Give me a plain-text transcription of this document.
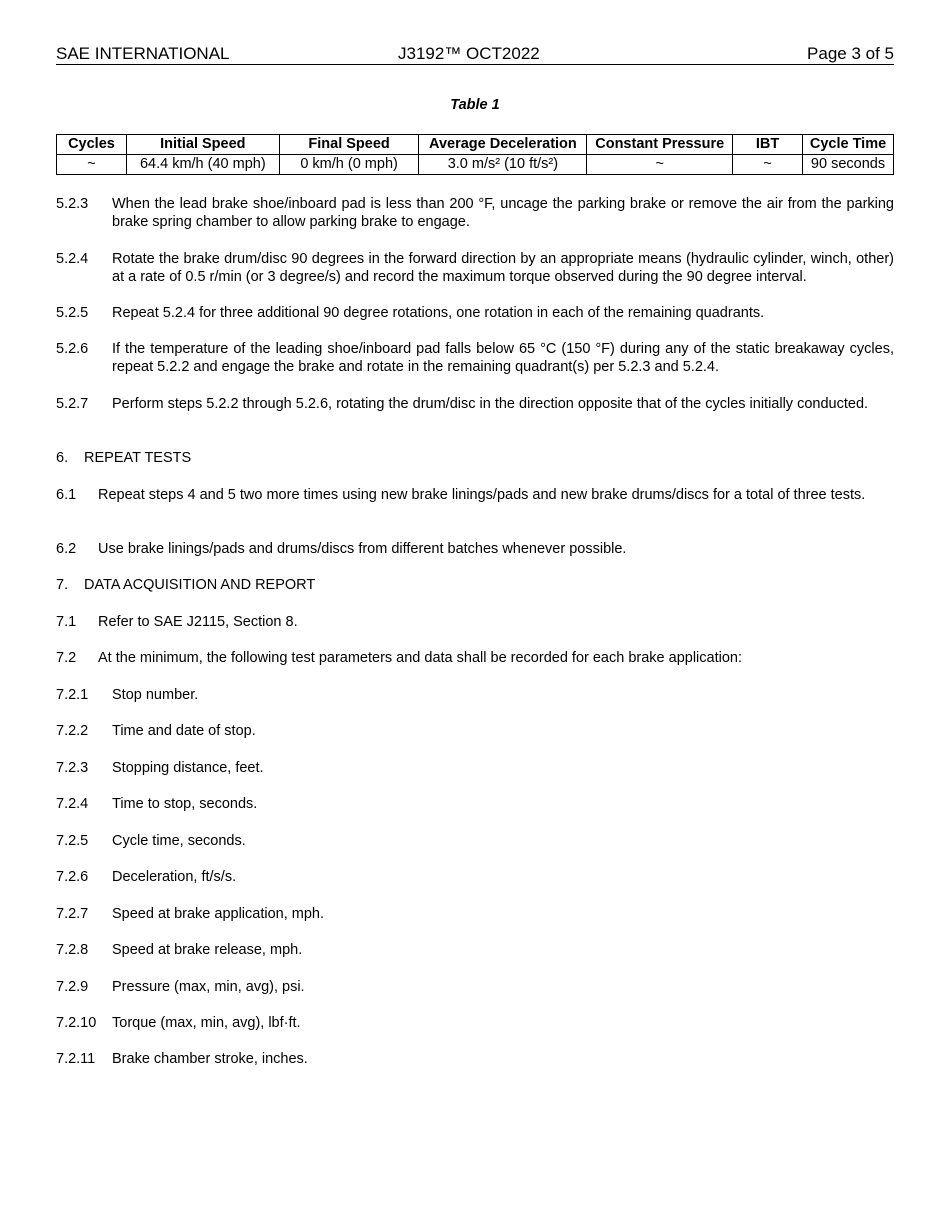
SAE INTERNATIONAL	J3192™ OCT2022	Page 3 of 5
Table 1
Cycles	Initial Speed	Final Speed	Average Deceleration	Constant Pressure	IBT	Cycle Time
~	64.4 km/h (40 mph)	0 km/h (0 mph)	3.0 m/s² (10 ft/s²)	~	~	90 seconds
5.2.3 When the lead brake shoe/inboard pad is less than 200 °F, uncage the parking brake or remove the air from the parking brake spring chamber to allow parking brake to engage.
5.2.4 Rotate the brake drum/disc 90 degrees in the forward direction by an appropriate means (hydraulic cylinder, winch, other) at a rate of 0.5 r/min (or 3 degree/s) and record the maximum torque observed during the 90 degree interval.
5.2.5 Repeat 5.2.4 for three additional 90 degree rotations, one rotation in each of the remaining quadrants.
5.2.6 If the temperature of the leading shoe/inboard pad falls below 65 °C (150 °F) during any of the static breakaway cycles, repeat 5.2.2 and engage the brake and rotate in the remaining quadrant(s) per 5.2.3 and 5.2.4.
5.2.7 Perform steps 5.2.2 through 5.2.6, rotating the drum/disc in the direction opposite that of the cycles initially conducted.
6. REPEAT TESTS
6.1 Repeat steps 4 and 5 two more times using new brake linings/pads and new brake drums/discs for a total of three tests.
6.2 Use brake linings/pads and drums/discs from different batches whenever possible.
7. DATA ACQUISITION AND REPORT
7.1 Refer to SAE J2115, Section 8.
7.2 At the minimum, the following test parameters and data shall be recorded for each brake application:
7.2.1 Stop number.
7.2.2 Time and date of stop.
7.2.3 Stopping distance, feet.
7.2.4 Time to stop, seconds.
7.2.5 Cycle time, seconds.
7.2.6 Deceleration, ft/s/s.
7.2.7 Speed at brake application, mph.
7.2.8 Speed at brake release, mph.
7.2.9 Pressure (max, min, avg), psi.
7.2.10 Torque (max, min, avg), lbf·ft.
7.2.11 Brake chamber stroke, inches.
